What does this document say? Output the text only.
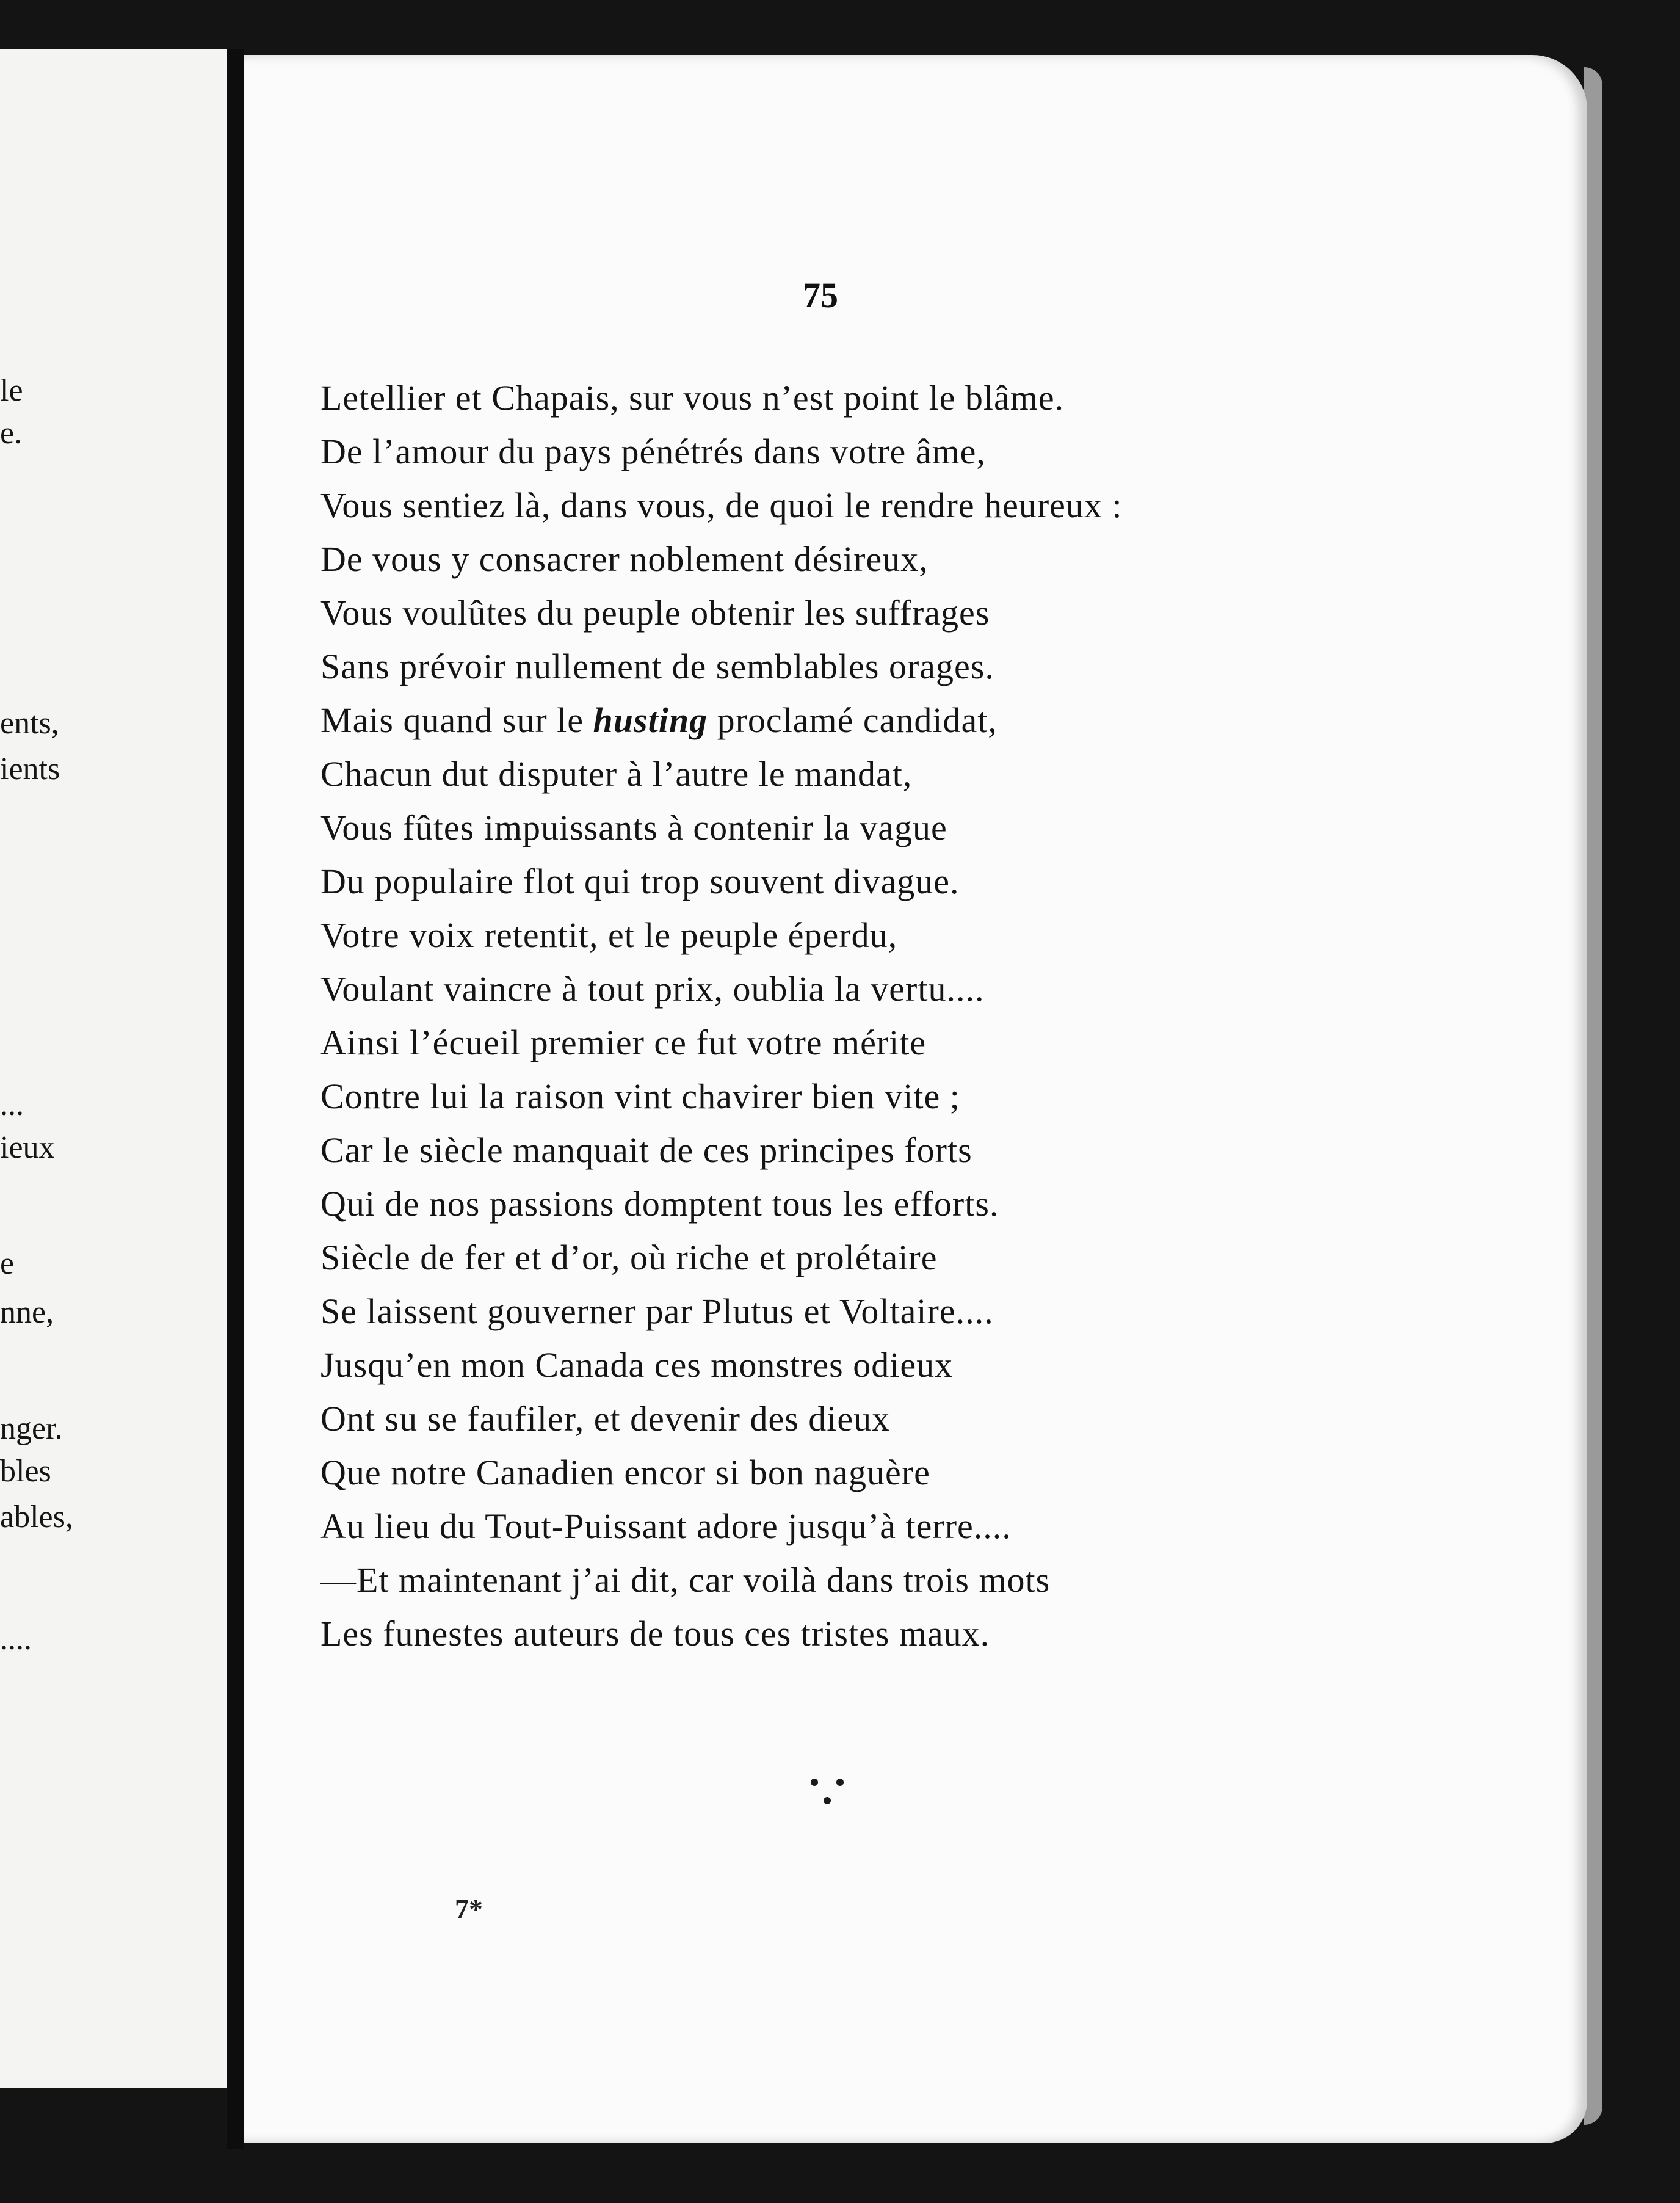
le
e.
ents,
ients
...
ieux
e
nne,
nger.
bles
ables,
....
75
Letellier et Chapais, sur vous n’est point le blâme.
De l’amour du pays pénétrés dans votre âme,
Vous sentiez là, dans vous, de quoi le rendre heureux :
De vous y consacrer noblement désireux,
Vous voulûtes du peuple obtenir les suffrages
Sans prévoir nullement de semblables orages.
Mais quand sur le husting proclamé candidat,
Chacun dut disputer à l’autre le mandat,
Vous fûtes impuissants à contenir la vague
Du populaire flot qui trop souvent divague.
Votre voix retentit, et le peuple éperdu,
Voulant vaincre à tout prix, oublia la vertu....
Ainsi l’écueil premier ce fut votre mérite
Contre lui la raison vint chavirer bien vite ;
Car le siècle manquait de ces principes forts
Qui de nos passions domptent tous les efforts.
Siècle de fer et d’or, où riche et prolétaire
Se laissent gouverner par Plutus et Voltaire....
Jusqu’en mon Canada ces monstres odieux
Ont su se faufiler, et devenir des dieux
Que notre Canadien encor si bon naguère
Au lieu du Tout-Puissant adore jusqu’à terre....
—Et maintenant j’ai dit, car voilà dans trois mots
Les funestes auteurs de tous ces tristes maux.
7*
